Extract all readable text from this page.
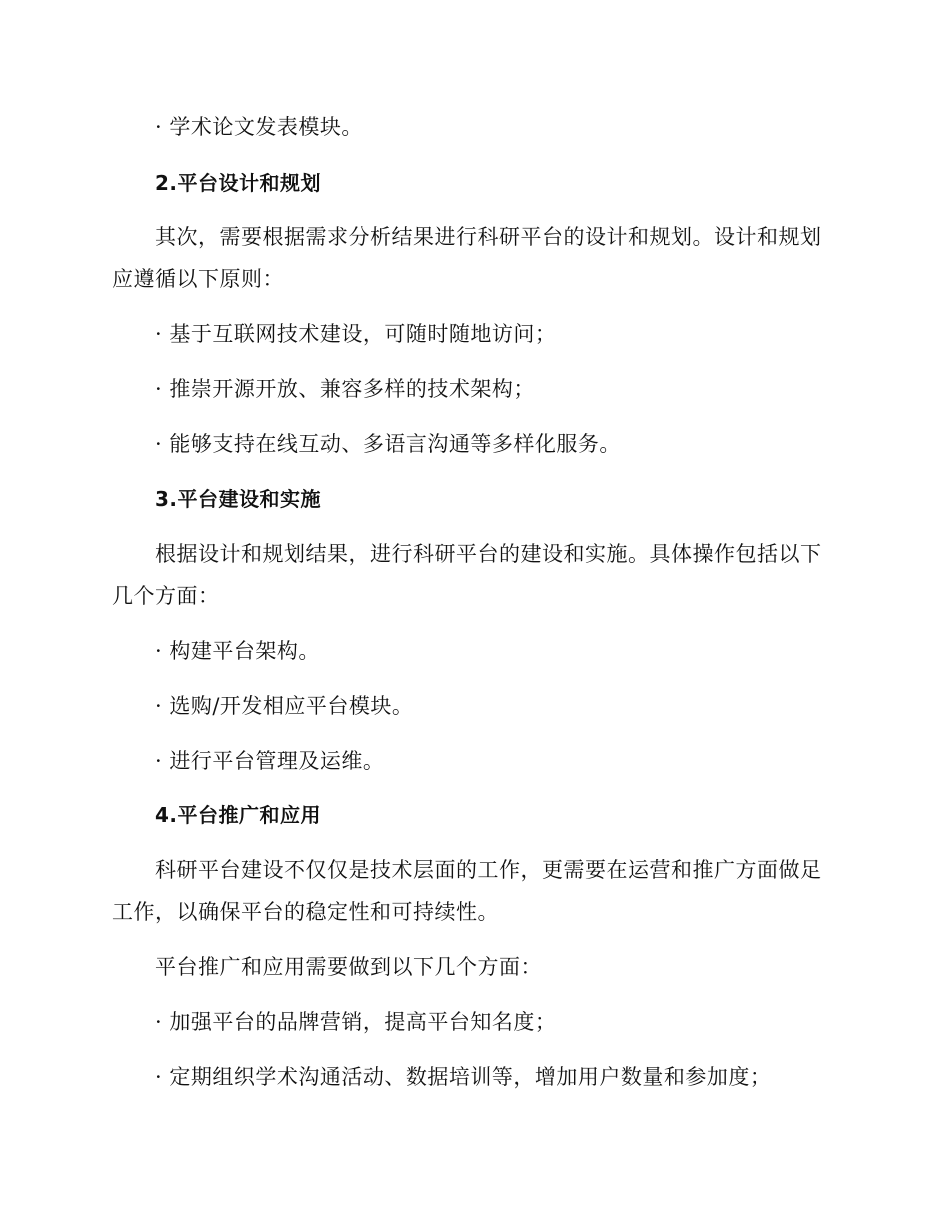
· 学术论文发表模块。
2.平台设计和规划
其次，需要根据需求分析结果进行科研平台的设计和规划。设计和规划
应遵循以下原则：
· 基于互联网技术建设，可随时随地访问；
· 推崇开源开放、兼容多样的技术架构；
· 能够支持在线互动、多语言沟通等多样化服务。
3.平台建设和实施
根据设计和规划结果，进行科研平台的建设和实施。具体操作包括以下
几个方面：
· 构建平台架构。
· 选购/开发相应平台模块。
· 进行平台管理及运维。
4.平台推广和应用
科研平台建设不仅仅是技术层面的工作，更需要在运营和推广方面做足
工作，以确保平台的稳定性和可持续性。
平台推广和应用需要做到以下几个方面：
· 加强平台的品牌营销，提高平台知名度；
· 定期组织学术沟通活动、数据培训等，增加用户数量和参加度；
